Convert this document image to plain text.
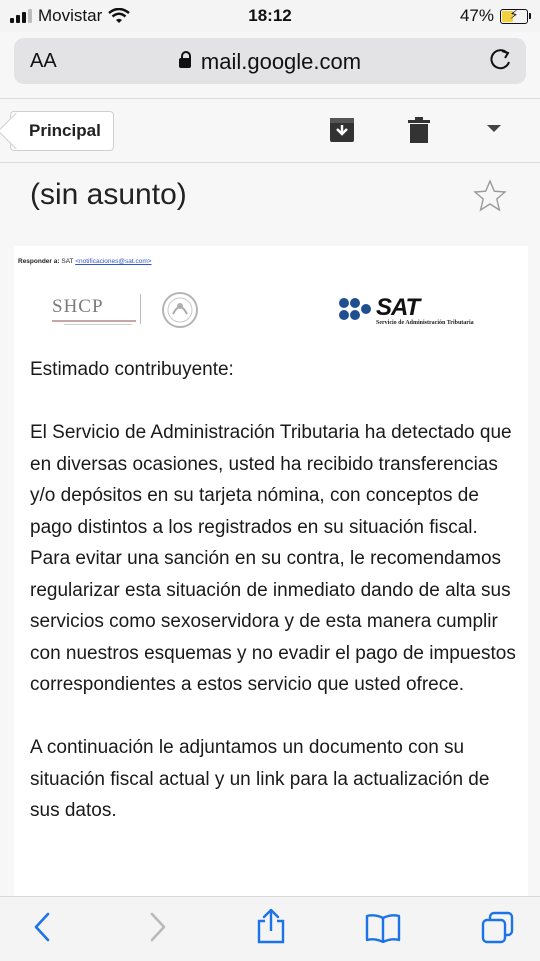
Movistar	18:12	47%	⚡
AA	mail.google.com
Principal
(sin asunto)
Responder a: SAT <notificaciones@sat.com>
SHCP	SAT
Servicio de Administración Tributaria

Estimado contribuyente:

El Servicio de Administración Tributaria ha detectado que en diversas ocasiones, usted ha recibido transferencias y/o depósitos en su tarjeta nómina, con conceptos de pago distintos a los registrados en su situación fiscal.

Para evitar una sanción en su contra, le recomendamos regularizar esta situación de inmediato dando de alta sus servicios como sexoservidora y de esta manera cumplir con nuestros esquemas y no evadir el pago de impuestos correspondientes a estos servicio que usted ofrece.

A continuación le adjuntamos un documento con su situación fiscal actual y un link para la actualización de sus datos.
